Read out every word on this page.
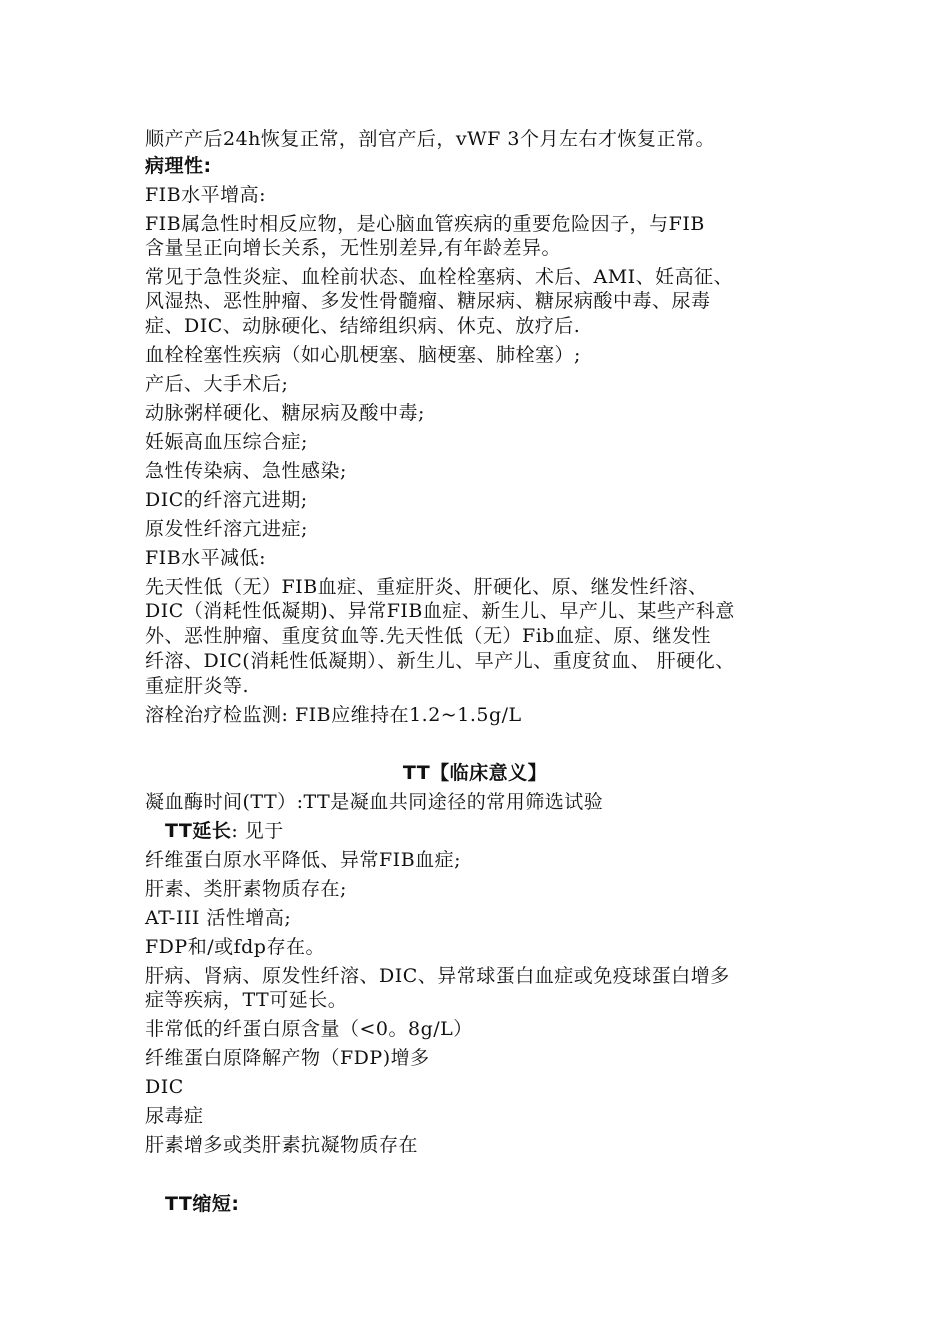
顺产产后24h恢复正常，剖官产后，vWF 3个月左右才恢复正常。
病理性:
FIB水平增高:
FIB属急性时相反应物，是心脑血管疾病的重要危险因子，与FIB
含量呈正向增长关系，无性别差异,有年龄差异。
常见于急性炎症、血栓前状态、血栓栓塞病、术后、AMI、妊高征、
风湿热、恶性肿瘤、多发性骨髓瘤、糖尿病、糖尿病酸中毒、尿毒
症、DIC、动脉硬化、结缔组织病、休克、放疗后.
血栓栓塞性疾病（如心肌梗塞、脑梗塞、肺栓塞）;
产后、大手术后;
动脉粥样硬化、糖尿病及酸中毒;
妊娠高血压综合症;
急性传染病、急性感染;
DIC的纤溶亢进期;
原发性纤溶亢进症;
FIB水平减低:
先天性低（无）FIB血症、重症肝炎、肝硬化、原、继发性纤溶、
DIC（消耗性低凝期)、异常FIB血症、新生儿、早产儿、某些产科意
外、恶性肿瘤、重度贫血等.先天性低（无）Fib血症、原、继发性
纤溶、DIC(消耗性低凝期）、新生儿、早产儿、重度贫血、 肝硬化、
重症肝炎等.
溶栓治疗检监测: FIB应维持在1.2~1.5g/L
TT【临床意义】
凝血酶时间(TT）:TT是凝血共同途径的常用筛选试验
TT延长: 见于
纤维蛋白原水平降低、异常FIB血症;
肝素、类肝素物质存在;
AT-III 活性增高;
FDP和/或fdp存在。
肝病、肾病、原发性纤溶、DIC、异常球蛋白血症或免疫球蛋白增多
症等疾病，TT可延长。
非常低的纤蛋白原含量（<0。8g/L）
纤维蛋白原降解产物（FDP)增多
DIC
尿毒症
肝素增多或类肝素抗凝物质存在
TT缩短:
